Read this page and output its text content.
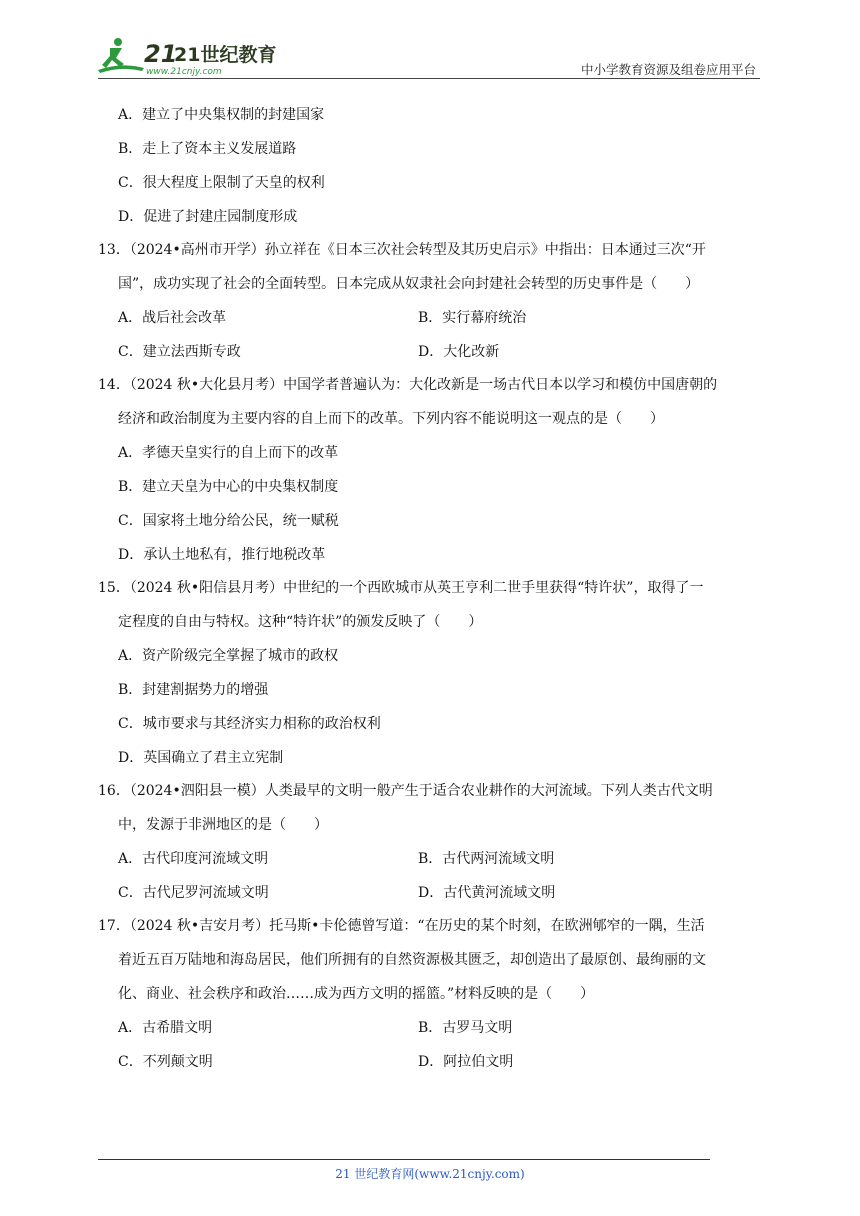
21
21世纪教育
www.21cnjy.com	中小学教育资源及组卷应用平台
A．建立了中央集权制的封建国家
B．走上了资本主义发展道路
C．很大程度上限制了天皇的权利
D．促进了封建庄园制度形成
13．（2024•高州市开学）孙立祥在《日本三次社会转型及其历史启示》中指出：日本通过三次“开
国”，成功实现了社会的全面转型。日本完成从奴隶社会向封建社会转型的历史事件是（　　）
A．战后社会改革	B．实行幕府统治
C．建立法西斯专政	D．大化改新
14．（2024 秋•大化县月考）中国学者普遍认为：大化改新是一场古代日本以学习和模仿中国唐朝的
经济和政治制度为主要内容的自上而下的改革。下列内容不能说明这一观点的是（　　）
A．孝德天皇实行的自上而下的改革
B．建立天皇为中心的中央集权制度
C．国家将土地分给公民，统一赋税
D．承认土地私有，推行地税改革
15．（2024 秋•阳信县月考）中世纪的一个西欧城市从英王亨利二世手里获得“特许状”，取得了一
定程度的自由与特权。这种“特许状”的颁发反映了（　　）
A．资产阶级完全掌握了城市的政权
B．封建割据势力的增强
C．城市要求与其经济实力相称的政治权利
D．英国确立了君主立宪制
16．（2024•泗阳县一模）人类最早的文明一般产生于适合农业耕作的大河流域。下列人类古代文明
中，发源于非洲地区的是（　　）
A．古代印度河流域文明	B．古代两河流域文明
C．古代尼罗河流域文明	D．古代黄河流域文明
17．（2024 秋•吉安月考）托马斯•卡伦德曾写道：“在历史的某个时刻，在欧洲郇窄的一隅，生活
着近五百万陆地和海岛居民，他们所拥有的自然资源极其匮乏，却创造出了最原创、最绚丽的文
化、商业、社会秩序和政治……成为西方文明的摇篮。”材料反映的是（　　）
A．古希腊文明	B．古罗马文明
C．不列颠文明	D．阿拉伯文明
21 世纪教育网(www.21cnjy.com)
